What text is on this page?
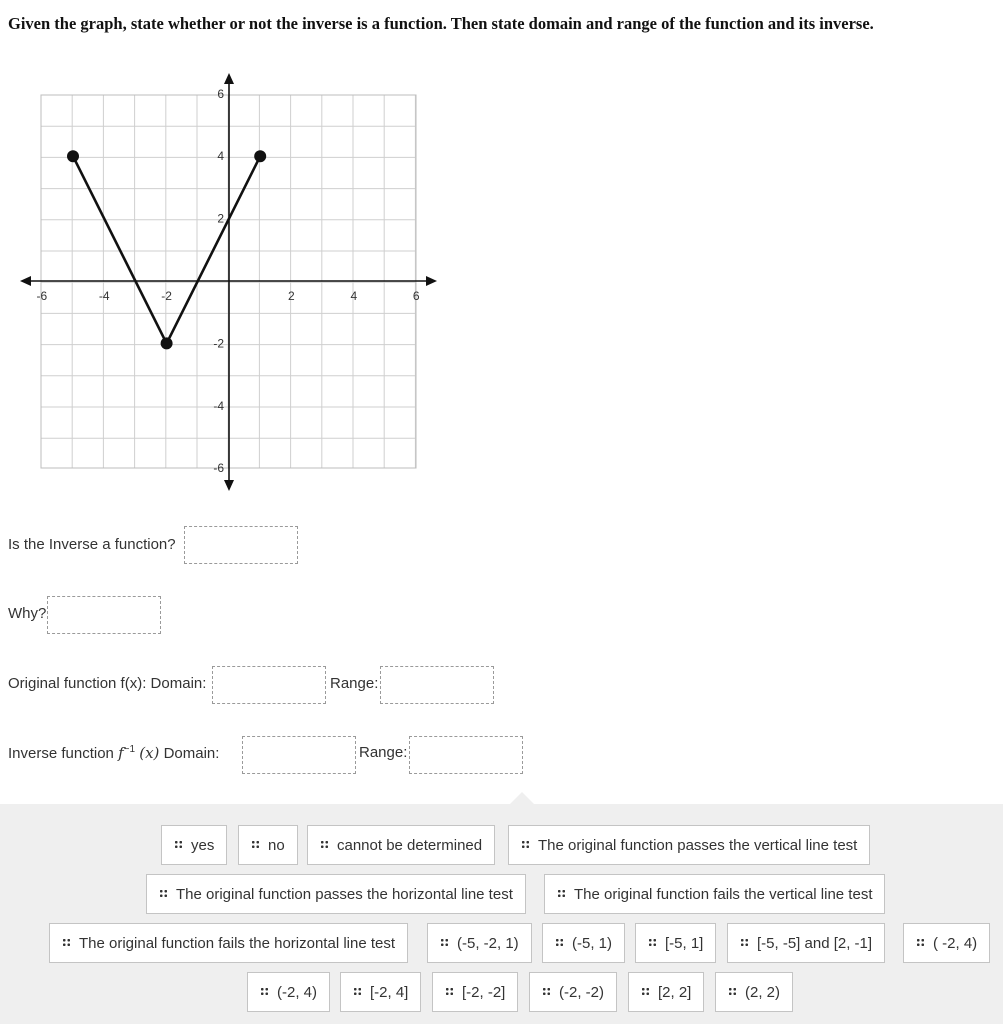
Given the graph, state whether or not the inverse is a function. Then state domain and range of the function and its inverse.
-6	-4	-2	2	4	6
6
4
2
-2
-4
-6
Is the Inverse a function?
Why?
Original function f(x): Domain:	Range:
Inverse function $f^{-1}$ (x) Domain:	Range:
yes	no	cannot be determined	The original function passes the vertical line test
The original function passes the horizontal line test	The original function fails the vertical line test
The original function fails the horizontal line test	(-5, -2, 1)	(-5, 1)	[-5, 1]	[-5, -5] and [2, -1]	( -2, 4)
(-2, 4)	[-2, 4]	[-2, -2]	(-2, -2)	[2, 2]	(2, 2)
